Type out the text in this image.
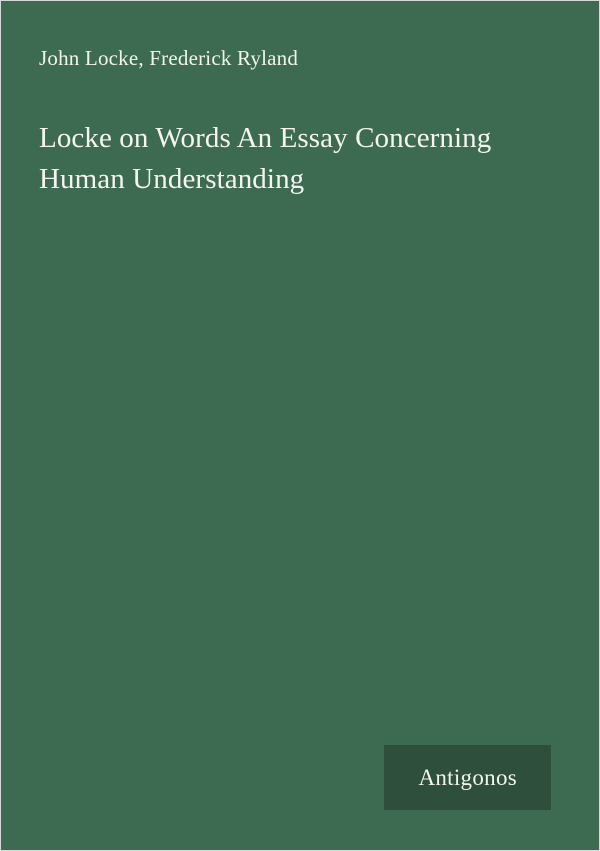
John Locke, Frederick Ryland
Locke on Words An Essay Concerning Human Understanding
Antigonos
